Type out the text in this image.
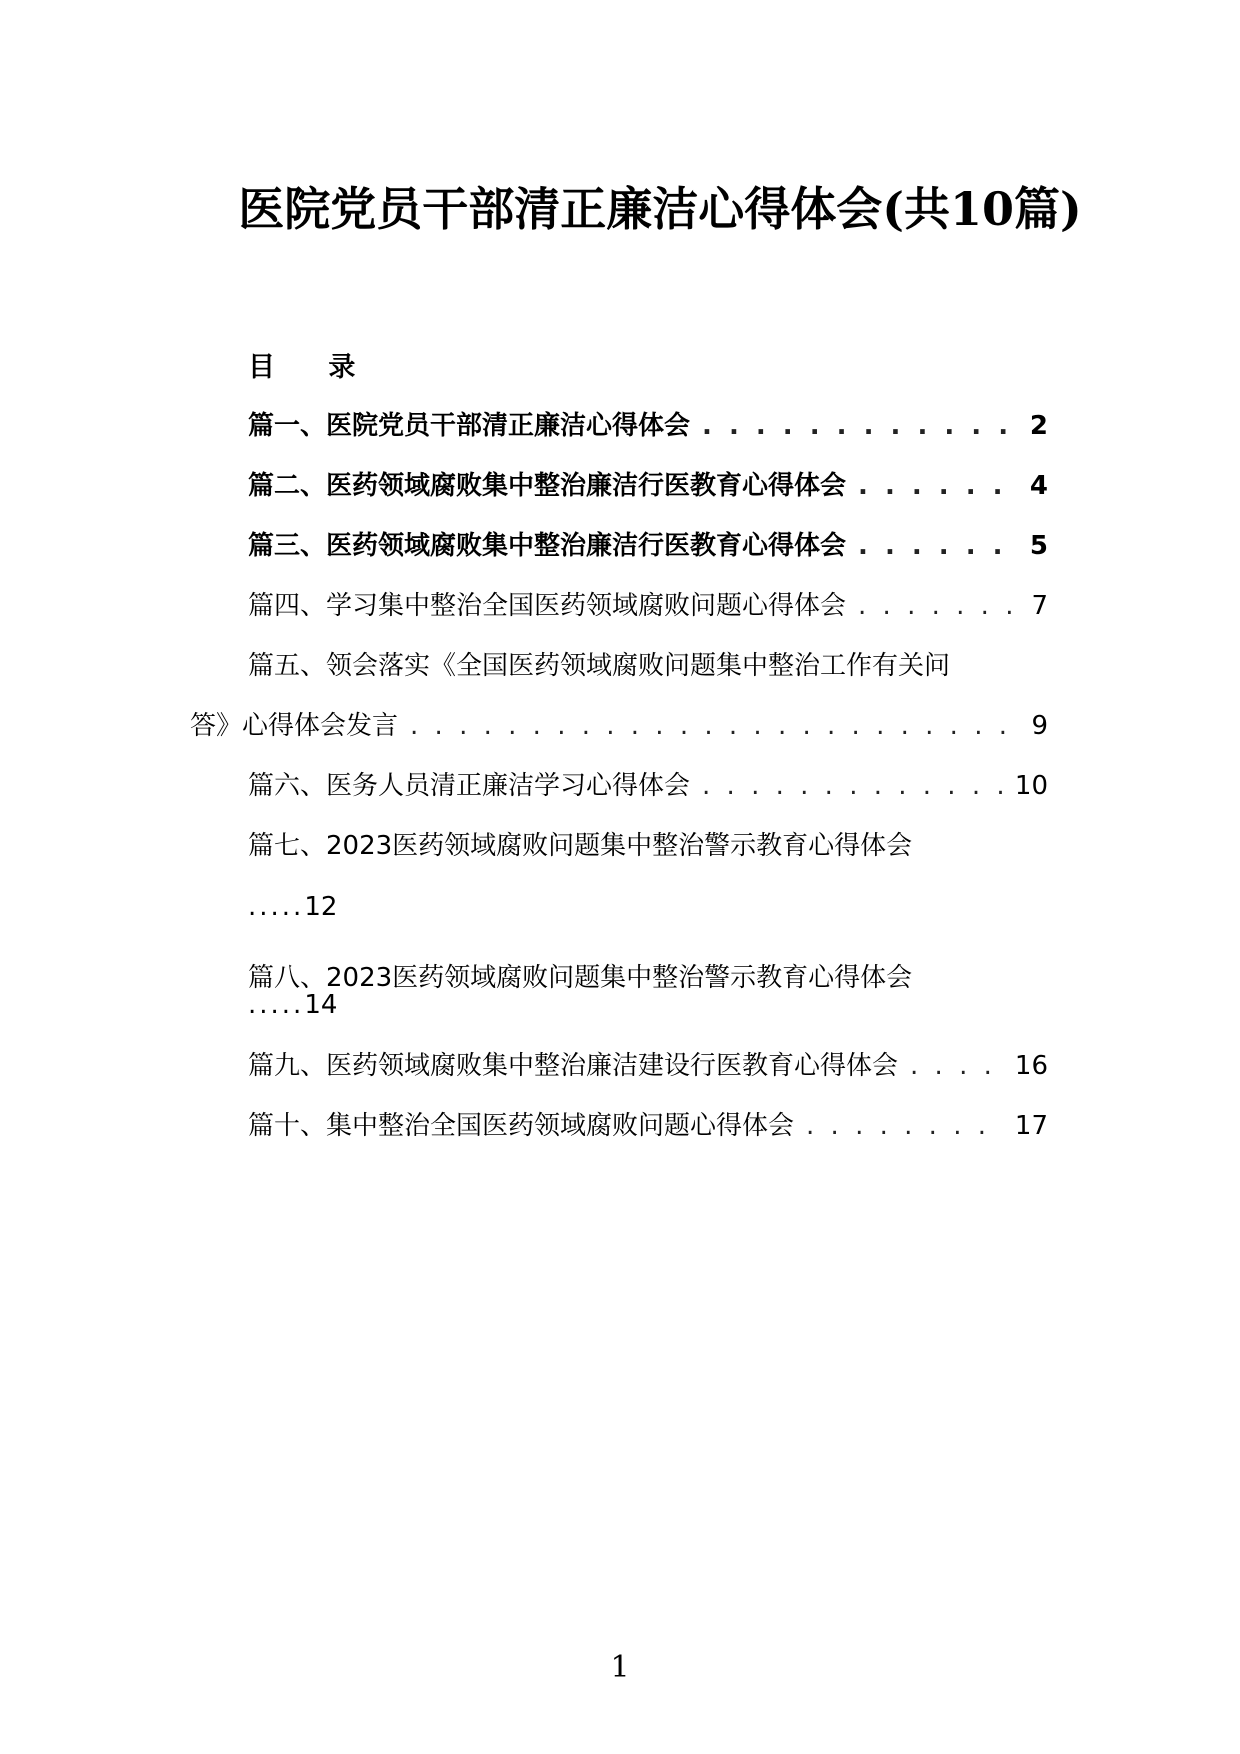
医院党员干部清正廉洁心得体会(共10篇)
目 录
篇一、医院党员干部清正廉洁心得体会 . . .	2
篇二、医药领域腐败集中整治廉洁行医教育心得体会 . . .	4
篇三、医药领域腐败集中整治廉洁行医教育心得体会 . . .	5
篇四、学习集中整治全国医药领域腐败问题心得体会 . . .	7
篇五、领会落实《全国医药领域腐败问题集中整治工作有关问
答》心得体会发言 . . .	9
篇六、医务人员清正廉洁学习心得体会 . . .	10
篇七、2023医药领域腐败问题集中整治警示教育心得体会
.....12
篇八、2023医药领域腐败问题集中整治警示教育心得体会
.....14
篇九、医药领域腐败集中整治廉洁建设行医教育心得体会 . . .	16
篇十、集中整治全国医药领域腐败问题心得体会 . . .	17
1
